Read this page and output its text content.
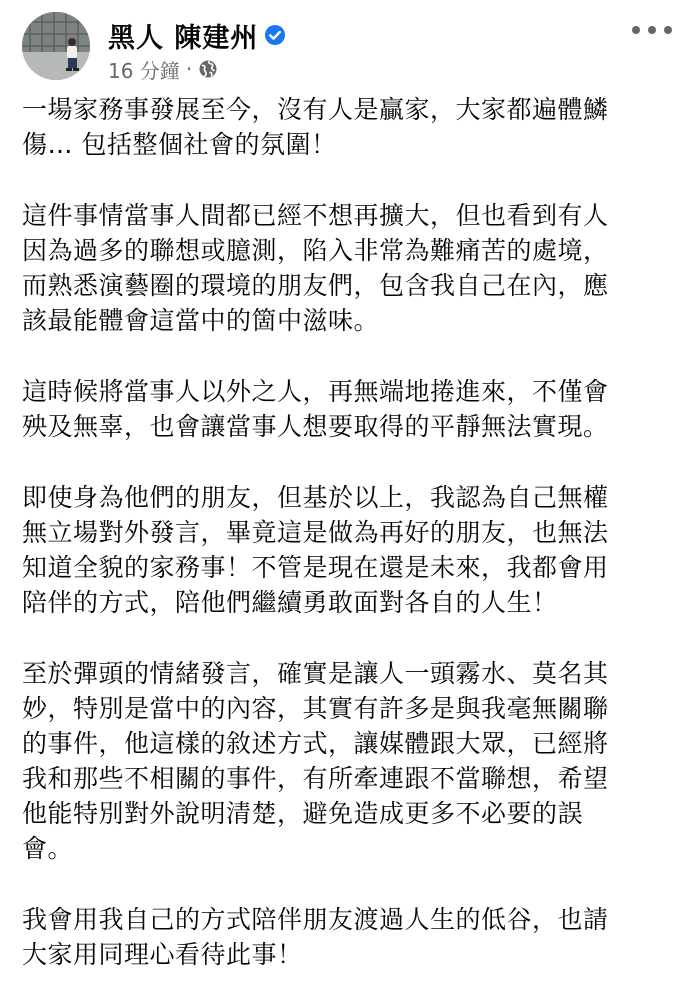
黑人 陳建州
16 分鐘 ·

一場家務事發展至今，沒有人是贏家，大家都遍體鱗
傷… 包括整個社會的氛圍！

這件事情當事人間都已經不想再擴大，但也看到有人
因為過多的聯想或臆測，陷入非常為難痛苦的處境，
而熟悉演藝圈的環境的朋友們，包含我自己在內，應
該最能體會這當中的箇中滋味。

這時候將當事人以外之人，再無端地捲進來，不僅會
殃及無辜，也會讓當事人想要取得的平靜無法實現。

即使身為他們的朋友，但基於以上，我認為自己無權
無立場對外發言，畢竟這是做為再好的朋友，也無法
知道全貌的家務事！不管是現在還是未來，我都會用
陪伴的方式，陪他們繼續勇敢面對各自的人生！

至於彈頭的情緒發言，確實是讓人一頭霧水、莫名其
妙，特別是當中的內容，其實有許多是與我毫無關聯
的事件，他這樣的敘述方式，讓媒體跟大眾，已經將
我和那些不相關的事件，有所牽連跟不當聯想，希望
他能特別對外說明清楚，避免造成更多不必要的誤
會。

我會用我自己的方式陪伴朋友渡過人生的低谷，也請
大家用同理心看待此事！
